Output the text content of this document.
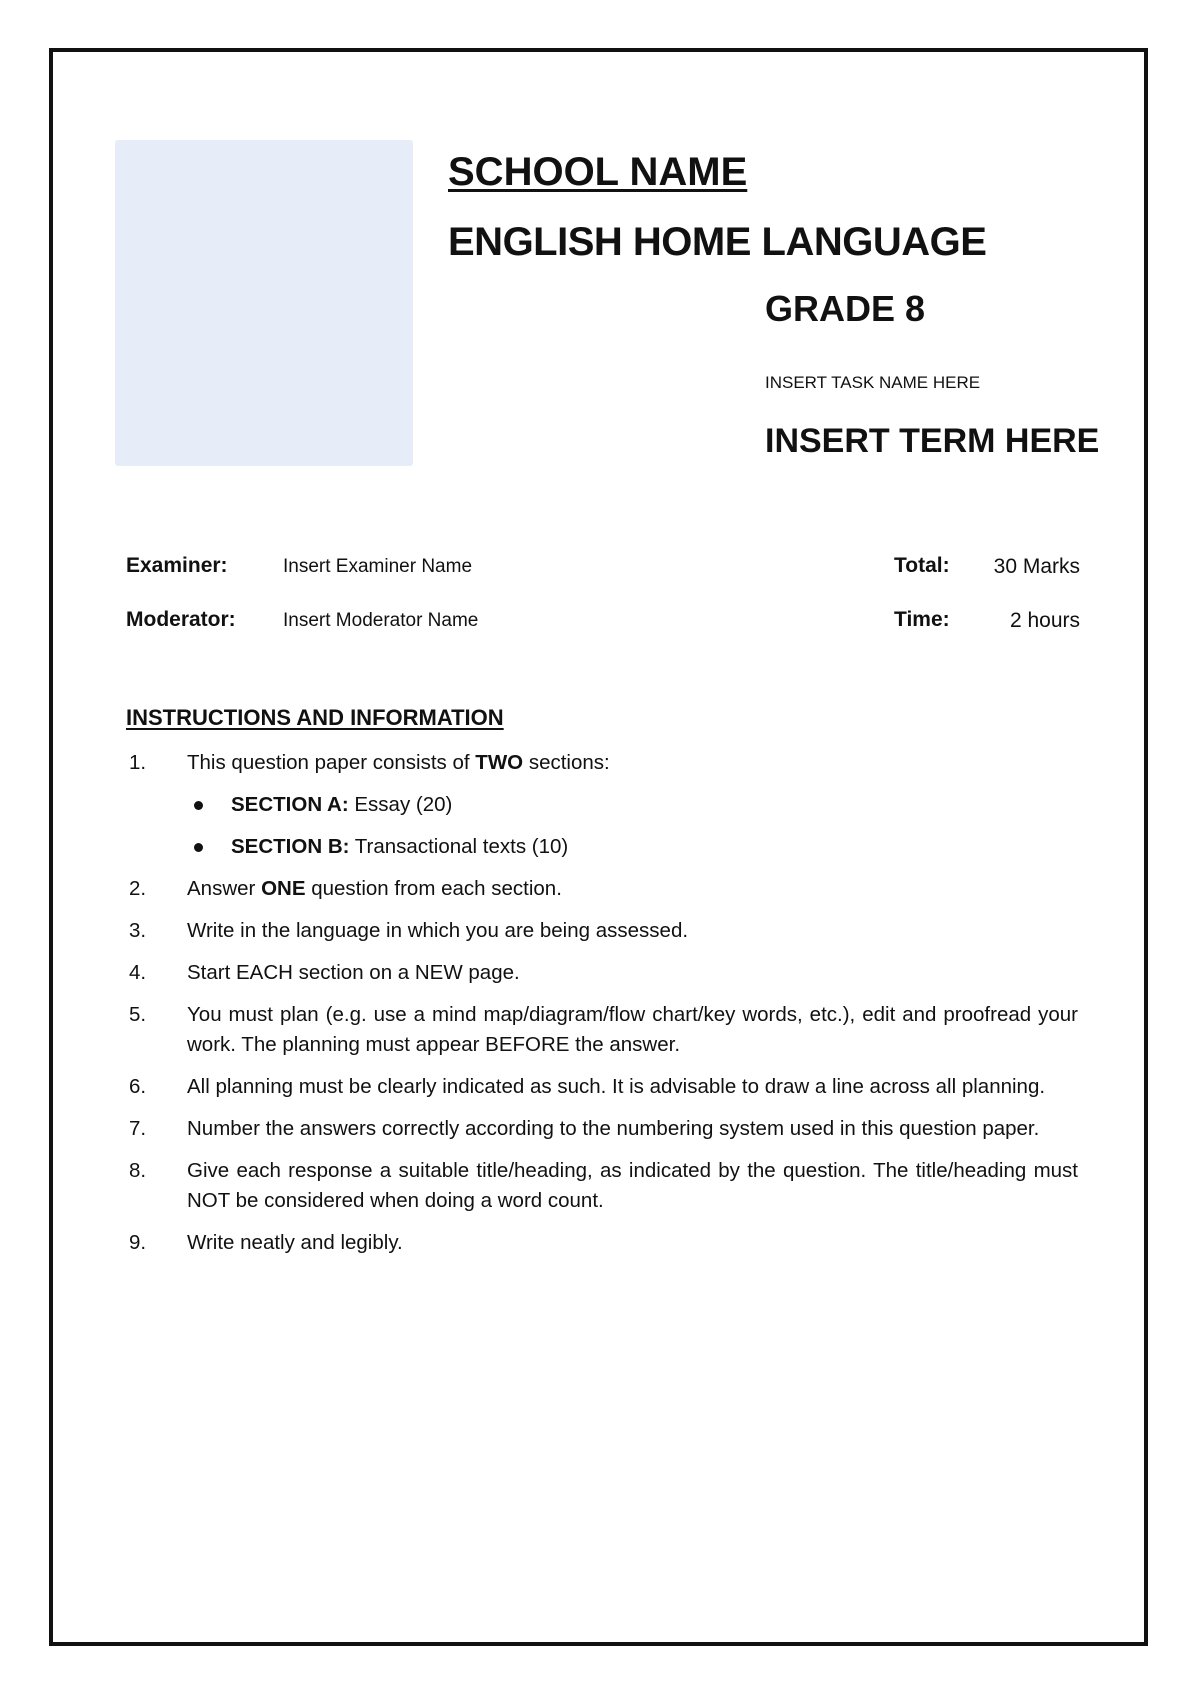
SCHOOL NAME
ENGLISH HOME LANGUAGE
GRADE 8
INSERT TASK NAME HERE
INSERT TERM HERE
Examiner:	Insert Examiner Name
Moderator: Insert Moderator Name
Total:	30 Marks
Time:	2 hours
INSTRUCTIONS AND INFORMATION
1. This question paper consists of TWO sections:
SECTION A: Essay (20)
SECTION B: Transactional texts (10)
2. Answer ONE question from each section.
3. Write in the language in which you are being assessed.
4. Start EACH section on a NEW page.
5. You must plan (e.g. use a mind map/diagram/flow chart/key words, etc.), edit and proofread your work. The planning must appear BEFORE the answer.
6. All planning must be clearly indicated as such. It is advisable to draw a line across all planning.
7. Number the answers correctly according to the numbering system used in this question paper.
8. Give each response a suitable title/heading, as indicated by the question. The title/heading must NOT be considered when doing a word count.
9. Write neatly and legibly.
